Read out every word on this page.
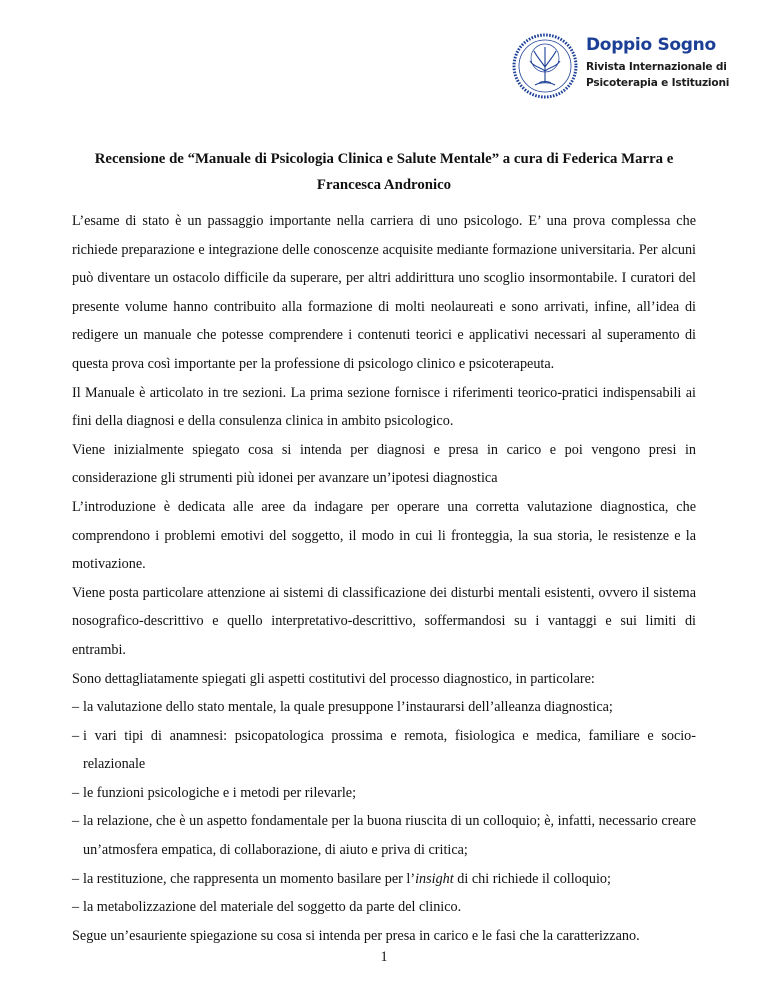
Doppio Sogno
Rivista Internazionale di
Psicoterapia e Istituzioni
Recensione de “Manuale di Psicologia Clinica e Salute Mentale” a cura di Federica Marra e Francesca Andronico

L’esame di stato è un passaggio importante nella carriera di uno psicologo. E’ una prova complessa che richiede preparazione e integrazione delle conoscenze acquisite mediante formazione universitaria. Per alcuni può diventare un ostacolo difficile da superare, per altri addirittura uno scoglio insormontabile. I curatori del presente volume hanno contribuito alla formazione di molti neolaureati e sono arrivati, infine, all’idea di redigere un manuale che potesse comprendere i contenuti teorici e applicativi necessari al superamento di questa prova così importante per la professione di psicologo clinico e psicoterapeuta.

Il Manuale è articolato in tre sezioni. La prima sezione fornisce i riferimenti teorico-pratici indispensabili ai fini della diagnosi e della consulenza clinica in ambito psicologico.

Viene inizialmente spiegato cosa si intenda per diagnosi e presa in carico e poi vengono presi in considerazione gli strumenti più idonei per avanzare un’ipotesi diagnostica

L’introduzione è dedicata alle aree da indagare per operare una corretta valutazione diagnostica, che comprendono i problemi emotivi del soggetto, il modo in cui li fronteggia, la sua storia, le resistenze e la motivazione.

Viene posta particolare attenzione ai sistemi di classificazione dei disturbi mentali esistenti, ovvero il sistema nosografico-descrittivo e quello interpretativo-descrittivo, soffermandosi su i vantaggi e sui limiti di entrambi.

Sono dettagliatamente spiegati gli aspetti costitutivi del processo diagnostico, in particolare:

– la valutazione dello stato mentale, la quale presuppone l’instaurarsi dell’alleanza diagnostica;

– i vari tipi di anamnesi: psicopatologica prossima e remota, fisiologica e medica, familiare e socio-relazionale

– le funzioni psicologiche e i metodi per rilevarle;

– la relazione, che è un aspetto fondamentale per la buona riuscita di un colloquio; è, infatti, necessario creare un’atmosfera empatica, di collaborazione, di aiuto e priva di critica;

– la restituzione, che rappresenta un momento basilare per l’insight di chi richiede il colloquio;

– la metabolizzazione del materiale del soggetto da parte del clinico.

Segue un’esauriente spiegazione su cosa si intenda per presa in carico e le fasi che la caratterizzano.

1
